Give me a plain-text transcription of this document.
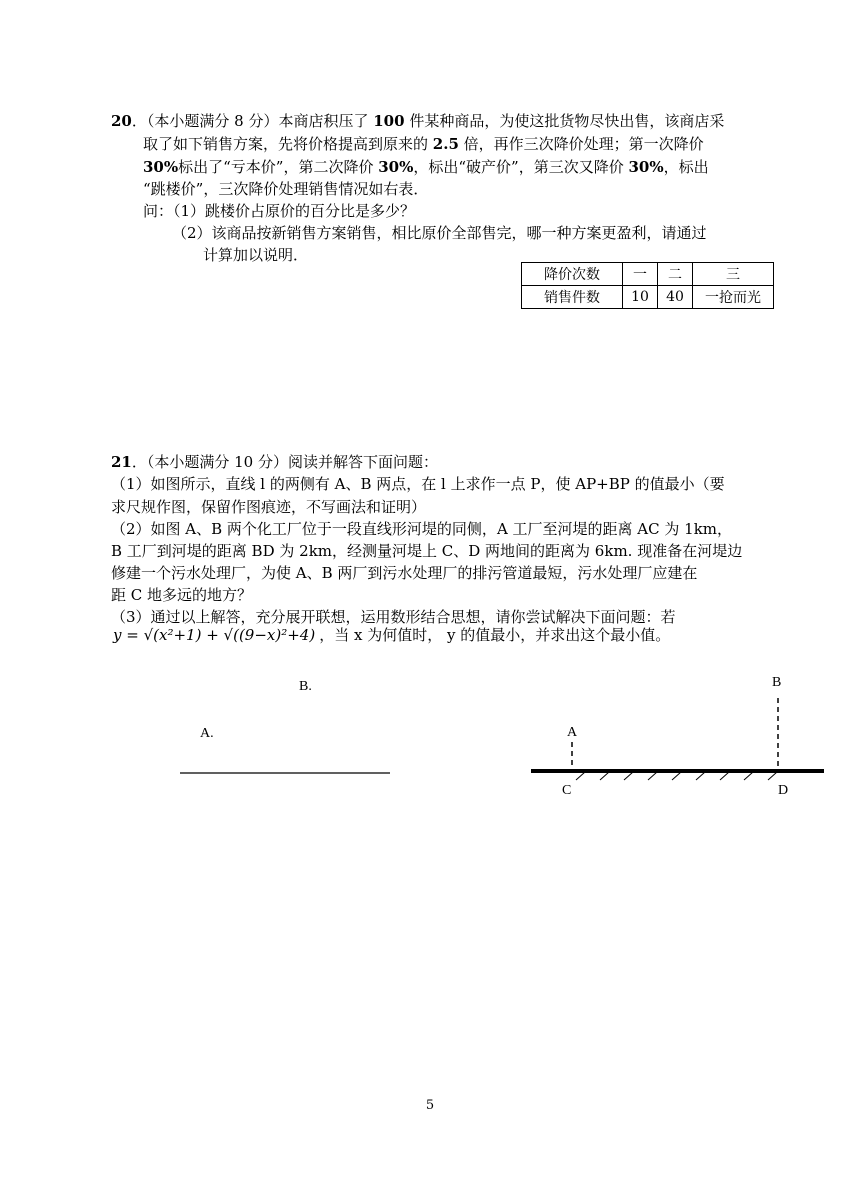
20．（本小题满分 8 分）本商店积压了 100 件某种商品，为使这批货物尽快出售，该商店采
取了如下销售方案，先将价格提高到原来的 2.5 倍，再作三次降价处理；第一次降价
30%标出了“亏本价”，第二次降价 30%，标出“破产价”，第三次又降价 30%，标出
“跳楼价”，三次降价处理销售情况如右表．
问：（1）跳楼价占原价的百分比是多少？
（2）该商品按新销售方案销售，相比原价全部售完，哪一种方案更盈利，请通过
计算加以说明．
降价次数	一	二	三
销售件数	10	40	一抢而光
21．（本小题满分 10 分）阅读并解答下面问题：
（1）如图所示，直线 l 的两侧有 A、B 两点，在 l 上求作一点 P，使 AP+BP 的值最小（要
求尺规作图，保留作图痕迹，不写画法和证明）
（2）如图 A、B 两个化工厂位于一段直线形河堤的同侧，A 工厂至河堤的距离 AC 为 1km，
B 工厂到河堤的距离 BD 为 2km，经测量河堤上 C、D 两地间的距离为 6km. 现准备在河堤边
修建一个污水处理厂，为使 A、B 两厂到污水处理厂的排污管道最短，污水处理厂应建在
距 C 地多远的地方？
（3）通过以上解答，充分展开联想，运用数形结合思想，请你尝试解决下面问题：若
y = √(x²+1) + √((9−x)²+4) ，当 x 为何值时， y 的值最小，并求出这个最小值。
B.
A.	A
B
C	D
5
